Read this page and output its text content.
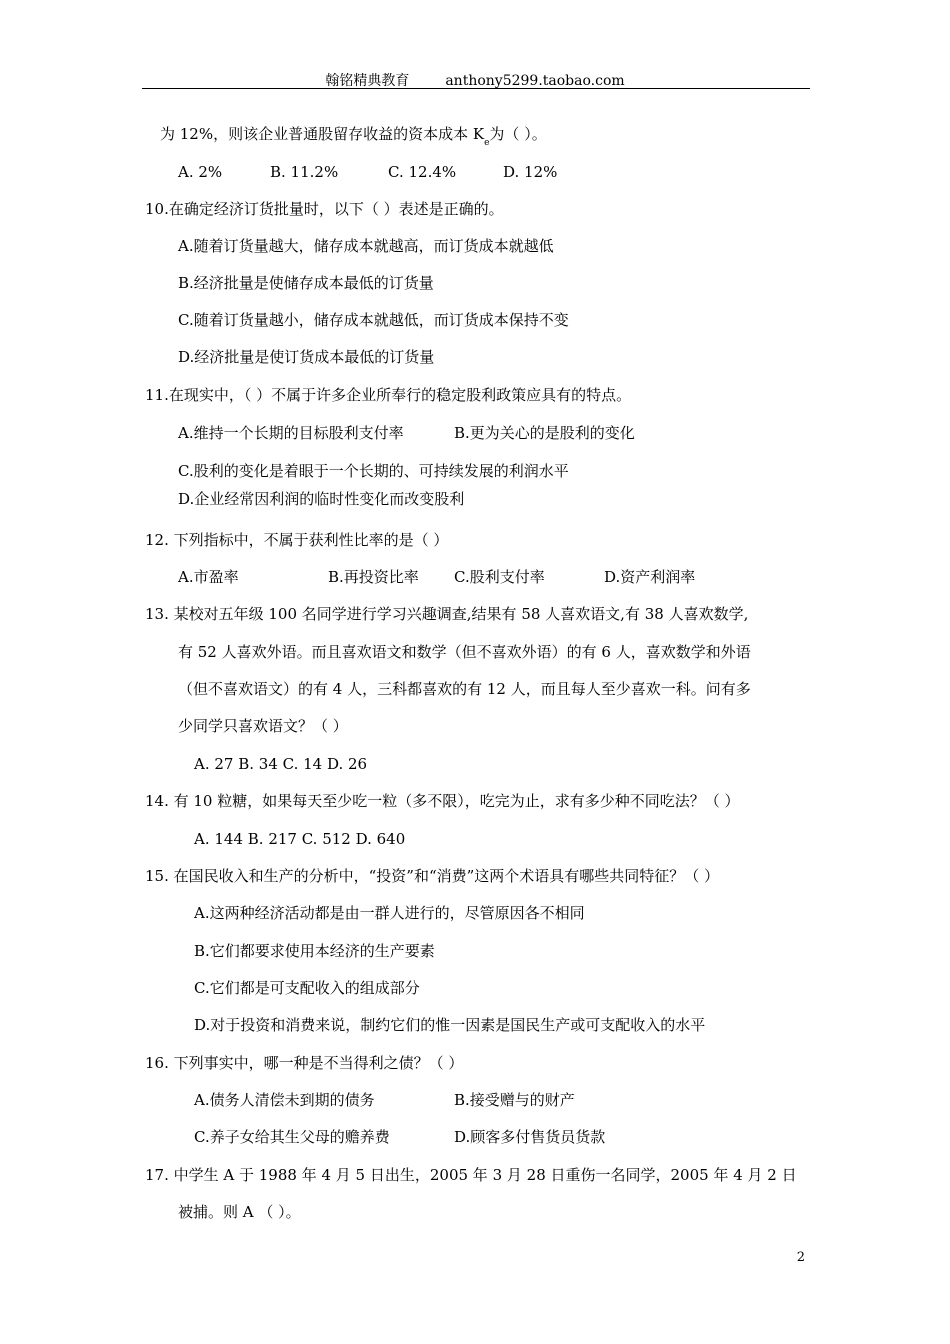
翰铭精典教育	anthony5299.taobao.com
为 12%，则该企业普通股留存收益的资本成本 $K_e$为（ ）。
A. 2%	B. 11.2%	C. 12.4%	D. 12%
10.在确定经济订货批量时，以下（ ）表述是正确的。
A.随着订货量越大，储存成本就越高，而订货成本就越低
B.经济批量是使储存成本最低的订货量
C.随着订货量越小，储存成本就越低，而订货成本保持不变
D.经济批量是使订货成本最低的订货量
11.在现实中，（ ）不属于许多企业所奉行的稳定股利政策应具有的特点。
A.维持一个长期的目标股利支付率	B.更为关心的是股利的变化
C.股利的变化是着眼于一个长期的、可持续发展的利润水平
D.企业经常因利润的临时性变化而改变股利
12. 下列指标中，不属于获利性比率的是（ ）
A.市盈率	B.再投资比率 C.股利支付率	D.资产利润率
13. 某校对五年级 100 名同学进行学习兴趣调查,结果有 58 人喜欢语文,有 38 人喜欢数学,
有 52 人喜欢外语。而且喜欢语文和数学（但不喜欢外语）的有 6 人，喜欢数学和外语
（但不喜欢语文）的有 4 人，三科都喜欢的有 12 人，而且每人至少喜欢一科。问有多
少同学只喜欢语文？（ ）
A. 27 B. 34 C. 14 D. 26
14. 有 10 粒糖，如果每天至少吃一粒（多不限），吃完为止，求有多少种不同吃法？（ ）
A. 144 B. 217 C. 512 D. 640
15. 在国民收入和生产的分析中，“投资”和“消费”这两个术语具有哪些共同特征？（ ）
A.这两种经济活动都是由一群人进行的，尽管原因各不相同
B.它们都要求使用本经济的生产要素
C.它们都是可支配收入的组成部分
D.对于投资和消费来说，制约它们的惟一因素是国民生产或可支配收入的水平
16. 下列事实中，哪一种是不当得利之债？（ ）
A.债务人清偿未到期的债务	B.接受赠与的财产
C.养子女给其生父母的赡养费	D.顾客多付售货员货款
17. 中学生 A 于 1988 年 4 月 5 日出生，2005 年 3 月 28 日重伤一名同学，2005 年 4 月 2 日
被捕。则 A （ ）。
2
